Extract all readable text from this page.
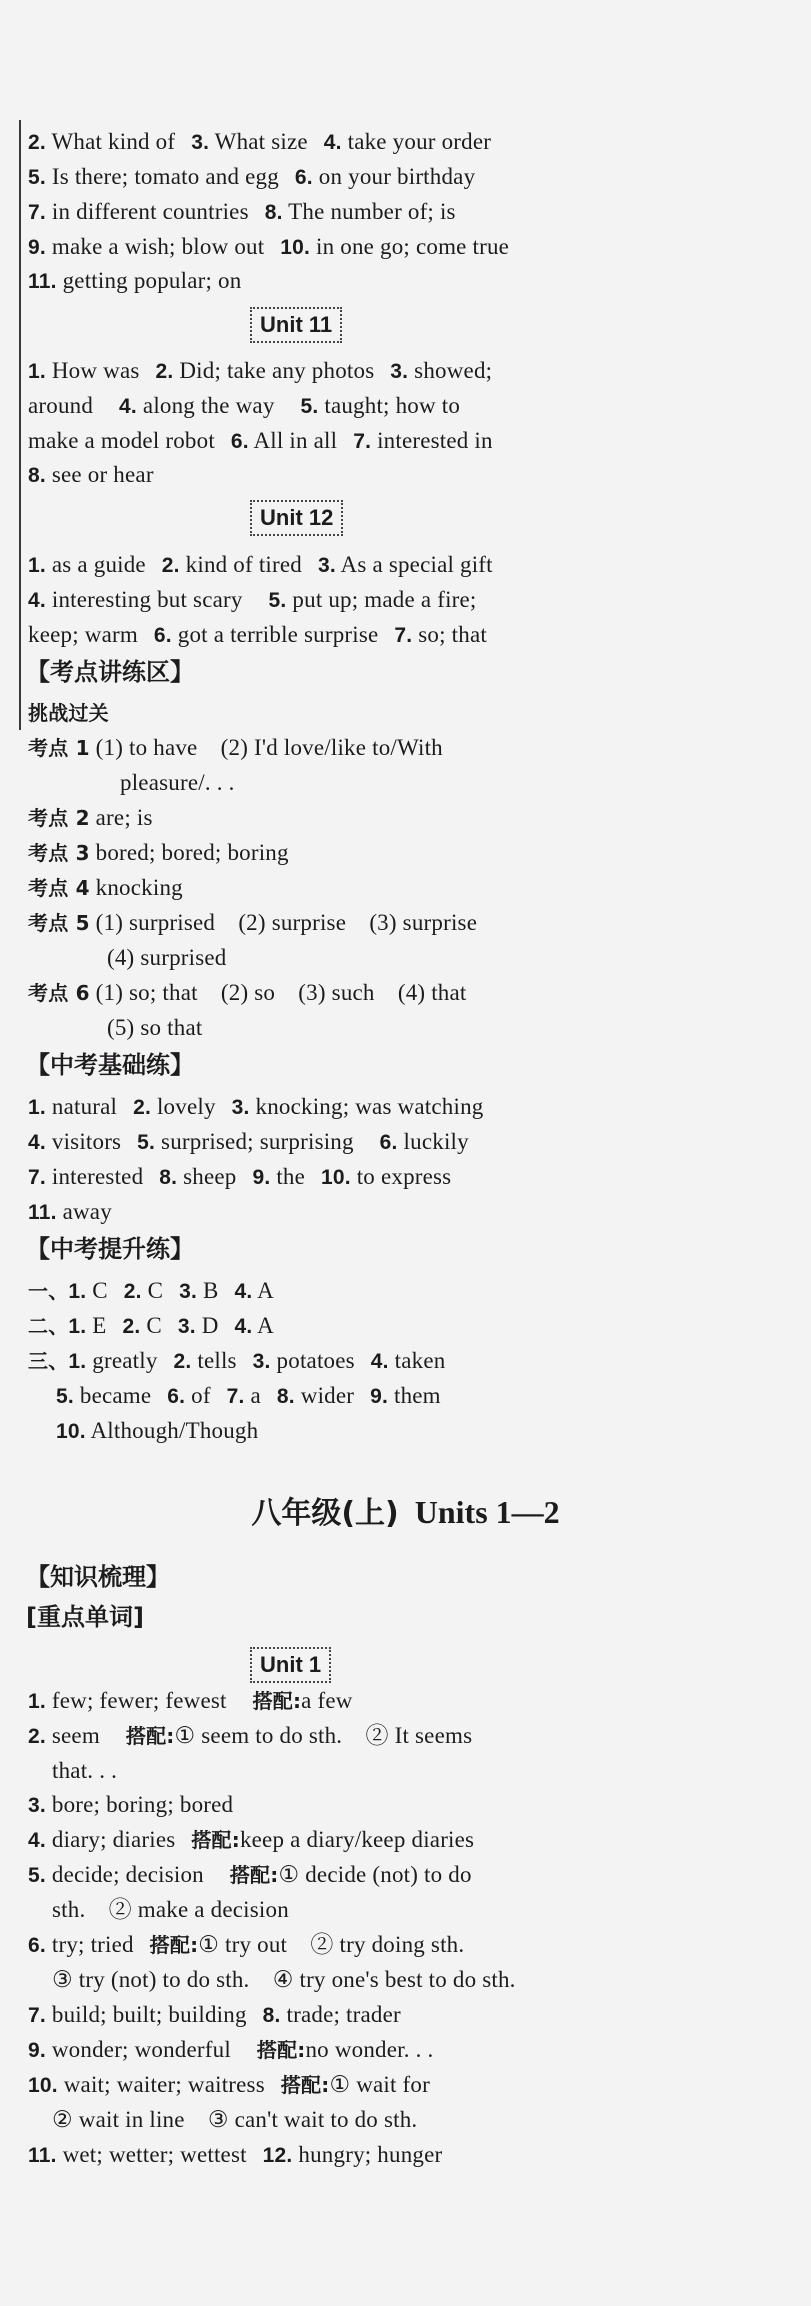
2. What kind of 3. What size 4. take your order
5. Is there; tomato and egg 6. on your birthday
7. in different countries 8. The number of; is
9. make a wish; blow out 10. in one go; come true
11. getting popular; on
Unit 11
1. How was 2. Did; take any photos 3. showed;
around 4. along the way 5. taught; how to
make a model robot 6. All in all 7. interested in
8. see or hear
Unit 12
1. as a guide 2. kind of tired 3. As a special gift
4. interesting but scary 5. put up; made a fire;
keep; warm 6. got a terrible surprise 7. so; that
【考点讲练区】
挑战过关
考点 1 (1) to have　(2) I'd love/like to/With
pleasure/. . .
考点 2 are; is
考点 3 bored; bored; boring
考点 4 knocking
考点 5 (1) surprised　(2) surprise　(3) surprise
(4) surprised
考点 6 (1) so; that　(2) so　(3) such　(4) that
(5) so that
【中考基础练】
1. natural 2. lovely 3. knocking; was watching
4. visitors 5. surprised; surprising 6. luckily
7. interested 8. sheep 9. the 10. to express
11. away
【中考提升练】
一、1. C 2. C 3. B 4. A
二、1. E 2. C 3. D 4. A
三、1. greatly 2. tells 3. potatoes 4. taken
5. became 6. of 7. a 8. wider 9. them
10. Although/Though
八年级(上) Units 1—2
【知识梳理】
[重点单词]
Unit 1
1. few; fewer; fewest 搭配:a few
2. seem 搭配:① seem to do sth.　② It seems
that. . .
3. bore; boring; bored
4. diary; diaries 搭配:keep a diary/keep diaries
5. decide; decision 搭配:① decide (not) to do
sth.　② make a decision
6. try; tried 搭配:① try out　② try doing sth.
③ try (not) to do sth.　④ try one's best to do sth.
7. build; built; building 8. trade; trader
9. wonder; wonderful 搭配:no wonder. . .
10. wait; waiter; waitress 搭配:① wait for
② wait in line　③ can't wait to do sth.
11. wet; wetter; wettest 12. hungry; hunger
